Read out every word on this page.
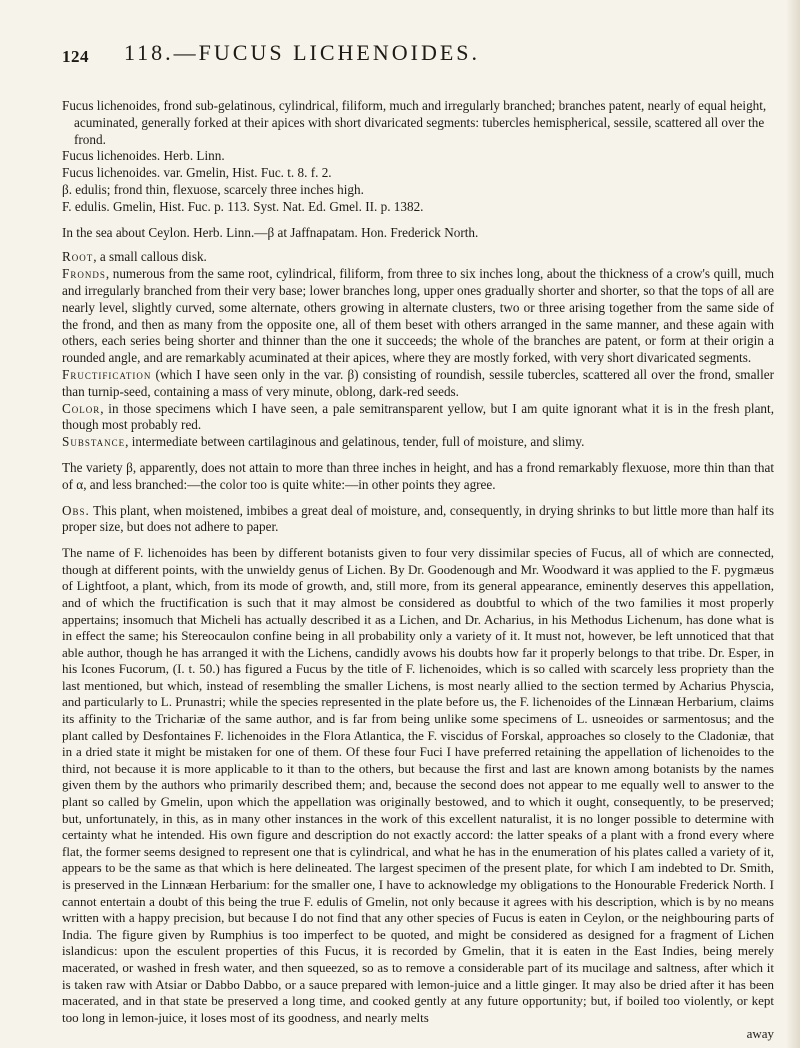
124 118.—FUCUS LICHENOIDES.

Fucus lichenoides, frond sub-gelatinous, cylindrical, filiform, much and irregularly branched; branches patent, nearly of equal height, acuminated, generally forked at their apices with short divaricated segments: tubercles hemispherical, sessile, scattered all over the frond.

Fucus lichenoides. Herb. Linn.

Fucus lichenoides. var. Gmelin, Hist. Fuc. t. 8. f. 2.

β. edulis; frond thin, flexuose, scarcely three inches high.

F. edulis. Gmelin, Hist. Fuc. p. 113. Syst. Nat. Ed. Gmel. II. p. 1382.

In the sea about Ceylon. Herb. Linn.—β at Jaffnapatam. Hon. Frederick North.

Root, a small callous disk.

Fronds, numerous from the same root, cylindrical, filiform, from three to six inches long, about the thickness of a crow's quill, much and irregularly branched from their very base; lower branches long, upper ones gradually shorter and shorter, so that the tops of all are nearly level, slightly curved, some alternate, others growing in alternate clusters, two or three arising together from the same side of the frond, and then as many from the opposite one, all of them beset with others arranged in the same manner, and these again with others, each series being shorter and thinner than the one it succeeds; the whole of the branches are patent, or form at their origin a rounded angle, and are remarkably acuminated at their apices, where they are mostly forked, with very short divaricated segments.

Fructification (which I have seen only in the var. β) consisting of roundish, sessile tubercles, scattered all over the frond, smaller than turnip-seed, containing a mass of very minute, oblong, dark-red seeds.

Color, in those specimens which I have seen, a pale semitransparent yellow, but I am quite ignorant what it is in the fresh plant, though most probably red.

Substance, intermediate between cartilaginous and gelatinous, tender, full of moisture, and slimy.

The variety β, apparently, does not attain to more than three inches in height, and has a frond remarkably flexuose, more thin than that of α, and less branched:—the color too is quite white:—in other points they agree.
Obs. This plant, when moistened, imbibes a great deal of moisture, and, consequently, in drying shrinks to but little more than half its proper size, but does not adhere to paper.
The name of F. lichenoides has been by different botanists given to four very dissimilar species of Fucus, all of which are connected, though at different points, with the unwieldy genus of Lichen. By Dr. Goodenough and Mr. Woodward it was applied to the F. pygmæus of Lightfoot, a plant, which, from its mode of growth, and, still more, from its general appearance, eminently deserves this appellation, and of which the fructification is such that it may almost be considered as doubtful to which of the two families it most properly appertains; insomuch that Micheli has actually described it as a Lichen, and Dr. Acharius, in his Methodus Lichenum, has done what is in effect the same; his Stereocaulon confine being in all probability only a variety of it. It must not, however, be left unnoticed that that able author, though he has arranged it with the Lichens, candidly avows his doubts how far it properly belongs to that tribe. Dr. Esper, in his Icones Fucorum, (I. t. 50.) has figured a Fucus by the title of F. lichenoides, which is so called with scarcely less propriety than the last mentioned, but which, instead of resembling the smaller Lichens, is most nearly allied to the section termed by Acharius Physcia, and particularly to L. Prunastri; while the species represented in the plate before us, the F. lichenoides of the Linnæan Herbarium, claims its affinity to the Trichariæ of the same author, and is far from being unlike some specimens of L. usneoides or sarmentosus; and the plant called by Desfontaines F. lichenoides in the Flora Atlantica, the F. viscidus of Forskal, approaches so closely to the Cladoniæ, that in a dried state it might be mistaken for one of them. Of these four Fuci I have preferred retaining the appellation of lichenoides to the third, not because it is more applicable to it than to the others, but because the first and last are known among botanists by the names given them by the authors who primarily described them; and, because the second does not appear to me equally well to answer to the plant so called by Gmelin, upon which the appellation was originally bestowed, and to which it ought, consequently, to be preserved; but, unfortunately, in this, as in many other instances in the work of this excellent naturalist, it is no longer possible to determine with certainty what he intended. His own figure and description do not exactly accord: the latter speaks of a plant with a frond every where flat, the former seems designed to represent one that is cylindrical, and what he has in the enumeration of his plates called a variety of it, appears to be the same as that which is here delineated. The largest specimen of the present plate, for which I am indebted to Dr. Smith, is preserved in the Linnæan Herbarium: for the smaller one, I have to acknowledge my obligations to the Honourable Frederick North. I cannot entertain a doubt of this being the true F. edulis of Gmelin, not only because it agrees with his description, which is by no means written with a happy precision, but because I do not find that any other species of Fucus is eaten in Ceylon, or the neighbouring parts of India. The figure given by Rumphius is too imperfect to be quoted, and might be considered as designed for a fragment of Lichen islandicus: upon the esculent properties of this Fucus, it is recorded by Gmelin, that it is eaten in the East Indies, being merely macerated, or washed in fresh water, and then squeezed, so as to remove a considerable part of its mucilage and saltness, after which it is taken raw with Atsiar or Dabbo Dabbo, or a sauce prepared with lemon-juice and a little ginger. It may also be dried after it has been macerated, and in that state be preserved a long time, and cooked gently at any future opportunity; but, if boiled too violently, or kept too long in lemon-juice, it loses most of its goodness, and nearly melts
away
